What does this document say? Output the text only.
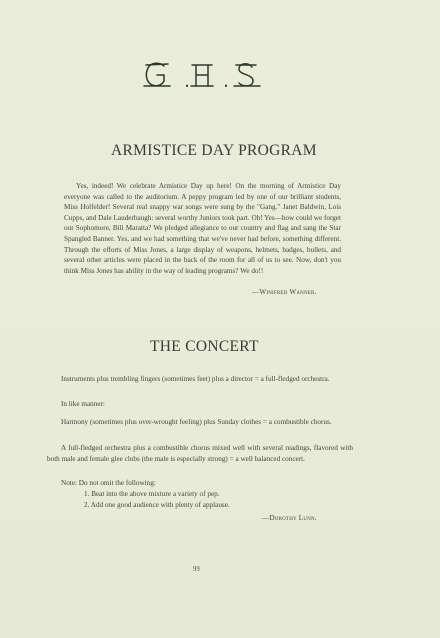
ARMISTICE DAY PROGRAM

Yes, indeed! We celebrate Armistice Day up here! On the morning of Armistice Day everyone was called to the auditorium. A peppy program led by one of our brilliant students, Miss Holfelder! Several real snappy war songs were sung by the "Gang." Janet Baldwin, Lois Cupps, and Dale Lauderbaugh: several worthy Juniors took part. Oh! Yes—how could we forget our Sophomore, Bill Maratta? We pledged allegiance to our country and flag and sang the Star Spangled Banner. Yes, and we had something that we've never had before, something different. Through the efforts of Miss Jones, a large display of weapons, helmets, badges, bullets, and several other articles were placed in the back of the room for all of us to see. Now, don't you think Miss Jones has ability in the way of leading programs? We do!!

—Winifred Wanner.
THE CONCERT

Instruments plus trembling fingers (sometimes feet) plus a director = a full-fledged orchestra.

In like manner:

Harmony (sometimes plus over-wrought feeling) plus Sunday clothes = a combustible chorus.

A full-fledged orchestra plus a combustible chorus mixed well with several readings, flavored with both male and female glee clubs (the male is especially strong) = a well balanced concert.

Note: Do not omit the following:

1. Beat into the above mixture a variety of pep.
2. Add one good audience with plenty of applause.
—Dorothy Lunn.
99
